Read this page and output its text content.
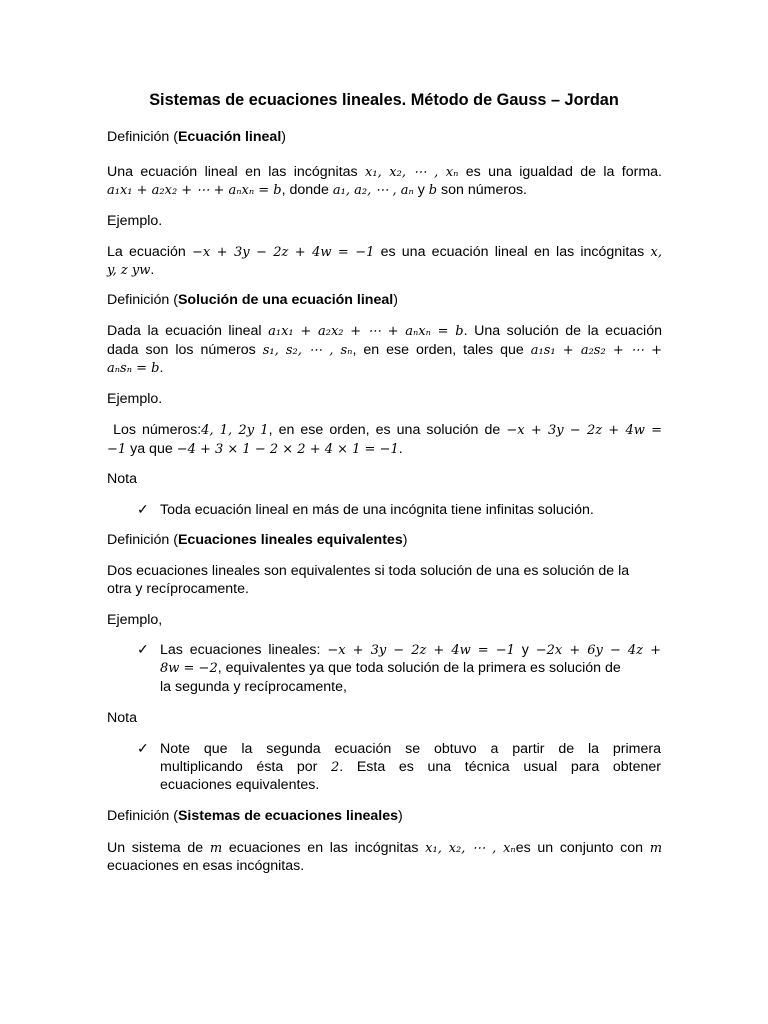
Sistemas de ecuaciones lineales. Método de Gauss – Jordan

Definición (Ecuación lineal)

Una ecuación lineal en las incógnitas x₁, x₂, ⋯ , xₙ es una igualdad de la forma.

a₁x₁ + a₂x₂ + ⋯ + aₙxₙ = b, donde a₁, a₂, ⋯ , aₙ y b son números.

Ejemplo.

La ecuación −x + 3y − 2z + 4w = −1 es una ecuación lineal en las incógnitas x,

y, z yw.

Definición (Solución de una ecuación lineal)

Dada la ecuación lineal a₁x₁ + a₂x₂ + ⋯ + aₙxₙ = b. Una solución de la ecuación

dada son los números s₁, s₂, ⋯ , sₙ, en ese orden, tales que a₁s₁ + a₂s₂ + ⋯ +

aₙsₙ = b.

Ejemplo.

Los números:4, 1, 2y 1, en ese orden, es una solución de −x + 3y − 2z + 4w =

−1 ya que −4 + 3 × 1 − 2 × 2 + 4 × 1 = −1.

Nota

✓ Toda ecuación lineal en más de una incógnita tiene infinitas solución.

Definición (Ecuaciones lineales equivalentes)

Dos ecuaciones lineales son equivalentes si toda solución de una es solución de la

otra y recíprocamente.

Ejemplo,

✓ Las ecuaciones lineales: −x + 3y − 2z + 4w = −1 y −2x + 6y − 4z +

8w = −2, equivalentes ya que toda solución de la primera es solución de

la segunda y recíprocamente,

Nota

✓ Note que la segunda ecuación se obtuvo a partir de la primera

multiplicando ésta por 2. Esta es una técnica usual para obtener

ecuaciones equivalentes.

Definición (Sistemas de ecuaciones lineales)

Un sistema de m ecuaciones en las incógnitas x₁, x₂, ⋯ , xₙes un conjunto con m

ecuaciones en esas incógnitas.
